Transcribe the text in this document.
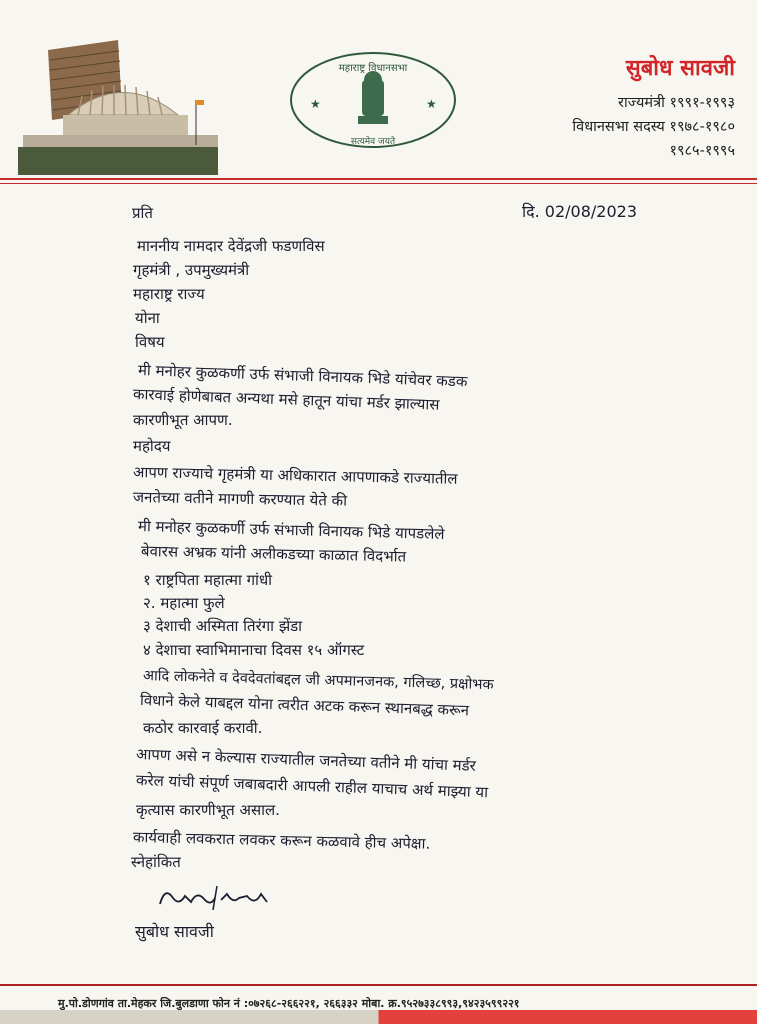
★	★
महाराष्ट्र विधानसभा
सत्यमेव जयते

सुबोध सावजी

राज्यमंत्री १९९१-१९९३

विधानसभा सदस्य १९७८-१९८०

१९८५-१९९५

प्रति	दि. 02/08/2023
माननीय नामदार देवेंद्रजी फडणविस
गृहमंत्री , उपमुख्यमंत्री
महाराष्ट्र राज्य
योना
विषय
मी मनोहर कुळकर्णी उर्फ संभाजी विनायक भिडे यांचेवर कडक
कारवाई होणेबाबत अन्यथा मसे हातून यांचा मर्डर झाल्यास
कारणीभूत आपण.
महोदय
आपण राज्याचे गृहमंत्री या अधिकारात आपणाकडे राज्यातील
जनतेच्या वतीने मागणी करण्यात येते की
मी मनोहर कुळकर्णी उर्फ संभाजी विनायक भिडे यापडलेले
बेवारस अभ्रक यांनी अलीकडच्या काळात विदर्भात
१ राष्ट्रपिता महात्मा गांधी
२. महात्मा फुले
३ देशाची अस्मिता तिरंगा झेंडा
४ देशाचा स्वाभिमानाचा दिवस १५ ऑगस्ट
आदि लोकनेते व देवदेवतांबद्दल जी अपमानजनक, गलिच्छ, प्रक्षोभक
विधाने केले याबद्दल योना त्वरीत अटक करून स्थानबद्ध करून
कठोर कारवाई करावी.
आपण असे न केल्यास राज्यातील जनतेच्या वतीने मी यांचा मर्डर
करेल यांची संपूर्ण जबाबदारी आपली राहील याचाच अर्थ माझ्या या
कृत्यास कारणीभूत असाल.
कार्यवाही लवकरात लवकर करून कळवावे हीच अपेक्षा.
स्नेहांकित
सुबोध सावजी
मु.पो.डोणगांव ता.मेहकर जि.बुलडाणा फोन नं :०७२६८-२६६२२१, २६६३३२ मोबा. क्र.९५२७३३८९९३,९४२३५९९२२१
